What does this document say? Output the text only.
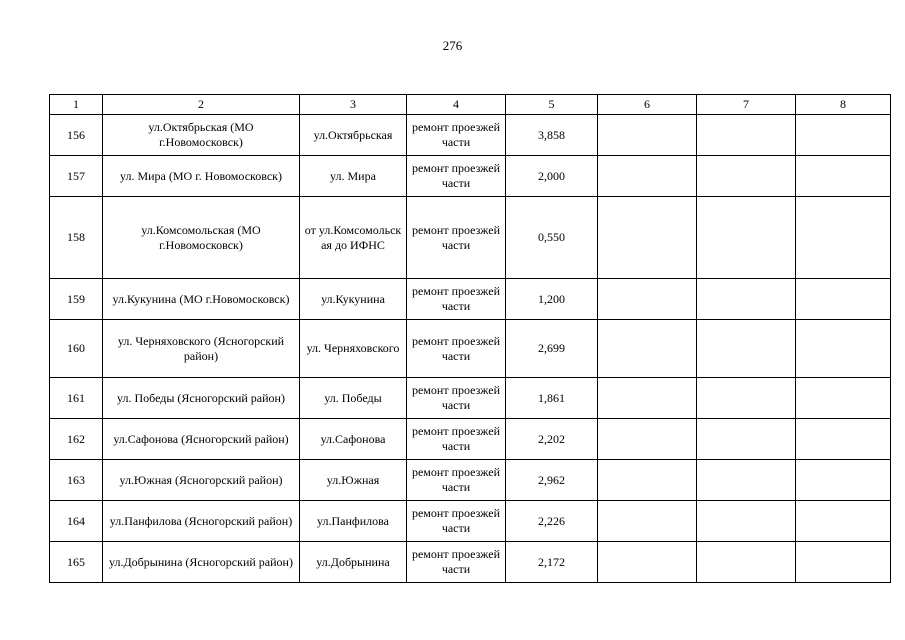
276
1	2	3	4	5	6	7	8
156	ул.Октябрьская (МО г.Новомосковск)	ул.Октябрьская	ремонт проезжей части	3,858			
157	ул. Мира (МО г. Новомосковск)	ул. Мира	ремонт проезжей части	2,000			
158	ул.Комсомольская (МО г.Новомосковск)	от ул.Комсомольск ая до ИФНС	ремонт проезжей части	0,550			
159	ул.Кукунина (МО г.Новомосковск)	ул.Кукунина	ремонт проезжей части	1,200			
160	ул. Черняховского (Ясногорский район)	ул. Черняховского	ремонт проезжей части	2,699			
161	ул. Победы (Ясногорский район)	ул. Победы	ремонт проезжей части	1,861			
162	ул.Сафонова (Ясногорский район)	ул.Сафонова	ремонт проезжей части	2,202			
163	ул.Южная (Ясногорский район)	ул.Южная	ремонт проезжей части	2,962			
164	ул.Панфилова (Ясногорский район)	ул.Панфилова	ремонт проезжей части	2,226			
165	ул.Добрынина (Ясногорский район)	ул.Добрынина	ремонт проезжей части	2,172			
